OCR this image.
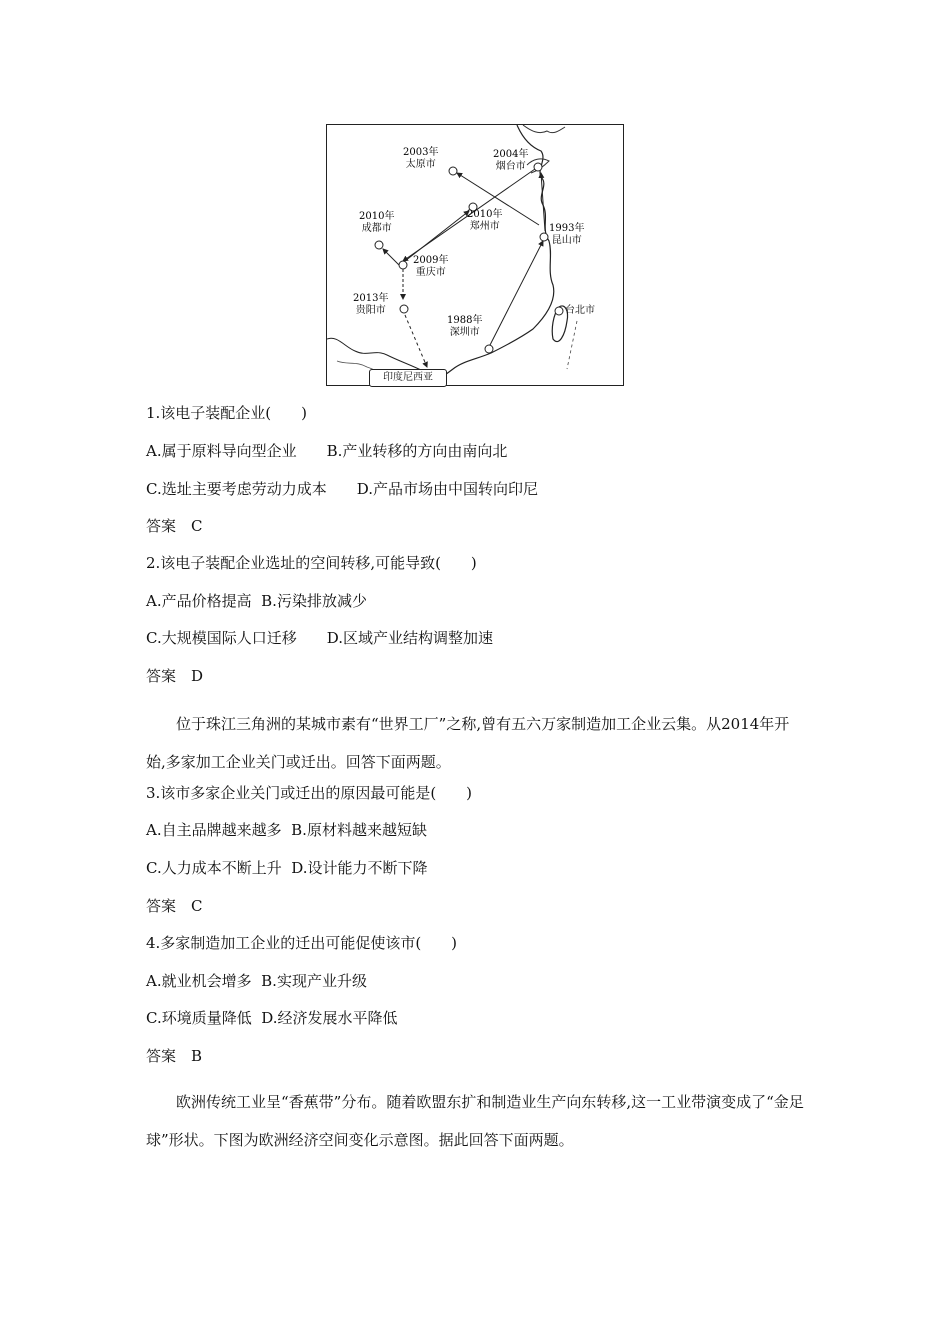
2003年
太原市
2004年
烟台市
2010年
成都市
2010年
郑州市
2009年
重庆市
1993年
昆山市
2013年
贵阳市
1988年
深圳市
台北市
印度尼西亚
1.该电子装配企业(　　)
A.属于原料导向型企业 B.产业转移的方向由南向北
C.选址主要考虑劳动力成本 D.产品市场由中国转向印尼
答案　C
2.该电子装配企业选址的空间转移,可能导致(　　)
A.产品价格提高 B.污染排放减少
C.大规模国际人口迁移 D.区域产业结构调整加速
答案　D
位于珠江三角洲的某城市素有“世界工厂”之称,曾有五六万家制造加工企业云集。从2014年开始,多家加工企业关门或迁出。回答下面两题。
3.该市多家企业关门或迁出的原因最可能是(　　)
A.自主品牌越来越多 B.原材料越来越短缺
C.人力成本不断上升 D.设计能力不断下降
答案　C
4.多家制造加工企业的迁出可能促使该市(　　)
A.就业机会增多 B.实现产业升级
C.环境质量降低 D.经济发展水平降低
答案　B
欧洲传统工业呈“香蕉带”分布。随着欧盟东扩和制造业生产向东转移,这一工业带演变成了“金足球”形状。下图为欧洲经济空间变化示意图。据此回答下面两题。
